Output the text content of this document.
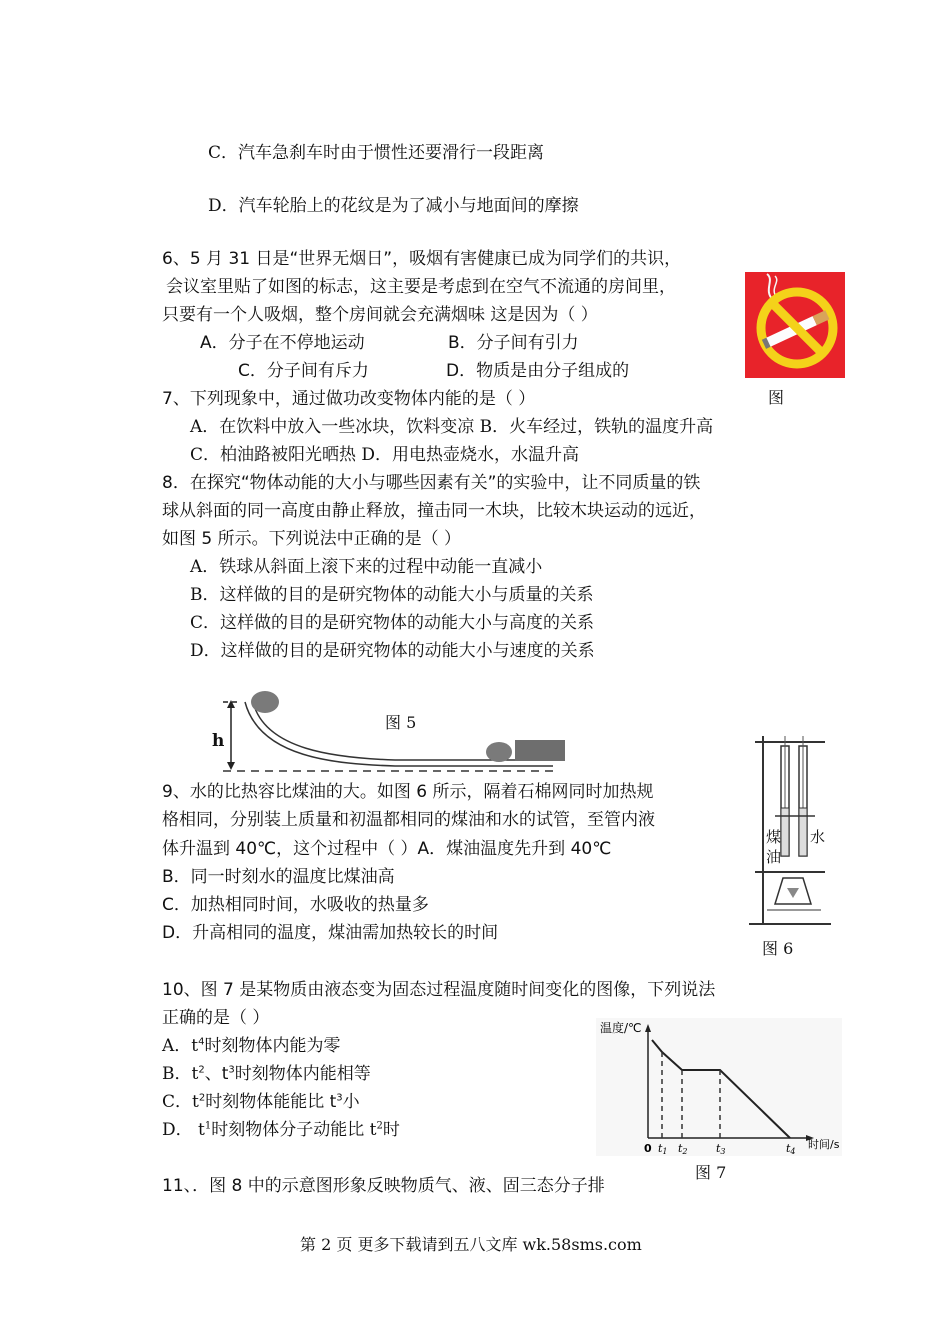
C．汽车急刹车时由于惯性还要滑行一段距离
D．汽车轮胎上的花纹是为了减小与地面间的摩擦
6、5 月 31 日是“世界无烟日”，吸烟有害健康已成为同学们的共识，
会议室里贴了如图的标志，这主要是考虑到在空气不流通的房间里，
只要有一个人吸烟，整个房间就会充满烟味 这是因为（ ）
A．分子在不停地运动	B．分子间有引力
C．分子间有斥力	D．物质是由分子组成的
图
7、下列现象中，通过做功改变物体内能的是（ ）
A．在饮料中放入一些冰块，饮料变凉 B．火车经过，铁轨的温度升高
C．柏油路被阳光晒热 D．用电热壶烧水，水温升高
8．在探究“物体动能的大小与哪些因素有关”的实验中，让不同质量的铁
球从斜面的同一高度由静止释放，撞击同一木块，比较木块运动的远近，
如图 5 所示。下列说法中正确的是（ ）
A．铁球从斜面上滚下来的过程中动能一直减小
B．这样做的目的是研究物体的动能大小与质量的关系
C．这样做的目的是研究物体的动能大小与高度的关系
D．这样做的目的是研究物体的动能大小与速度的关系
h
图 5
9、水的比热容比煤油的大。如图 6 所示，隔着石棉网同时加热规
格相同，分别装上质量和初温都相同的煤油和水的试管，至管内液
体升温到 40℃，这个过程中（ ）A．煤油温度先升到 40℃
B．同一时刻水的温度比煤油高
C．加热相同时间，水吸收的热量多
D．升高相同的温度，煤油需加热较长的时间
煤
油
水
图 6
10、图 7 是某物质由液态变为固态过程温度随时间变化的图像，下列说法
正确的是（ ）
A．$t^4$时刻物体内能为零
B．$t^2$、$t^3$时刻物体内能相等
C．$t^2$时刻物体能能比 $t^3$小
D． $t^1$时刻物体分子动能比 $t^2$时
温度/℃
时间/s
0 t1 t2	t3	t4
图 7
11、．图 8 中的示意图形象反映物质气、液、固三态分子排
第 2 页 更多下载请到五八文库 wk.58sms.com
